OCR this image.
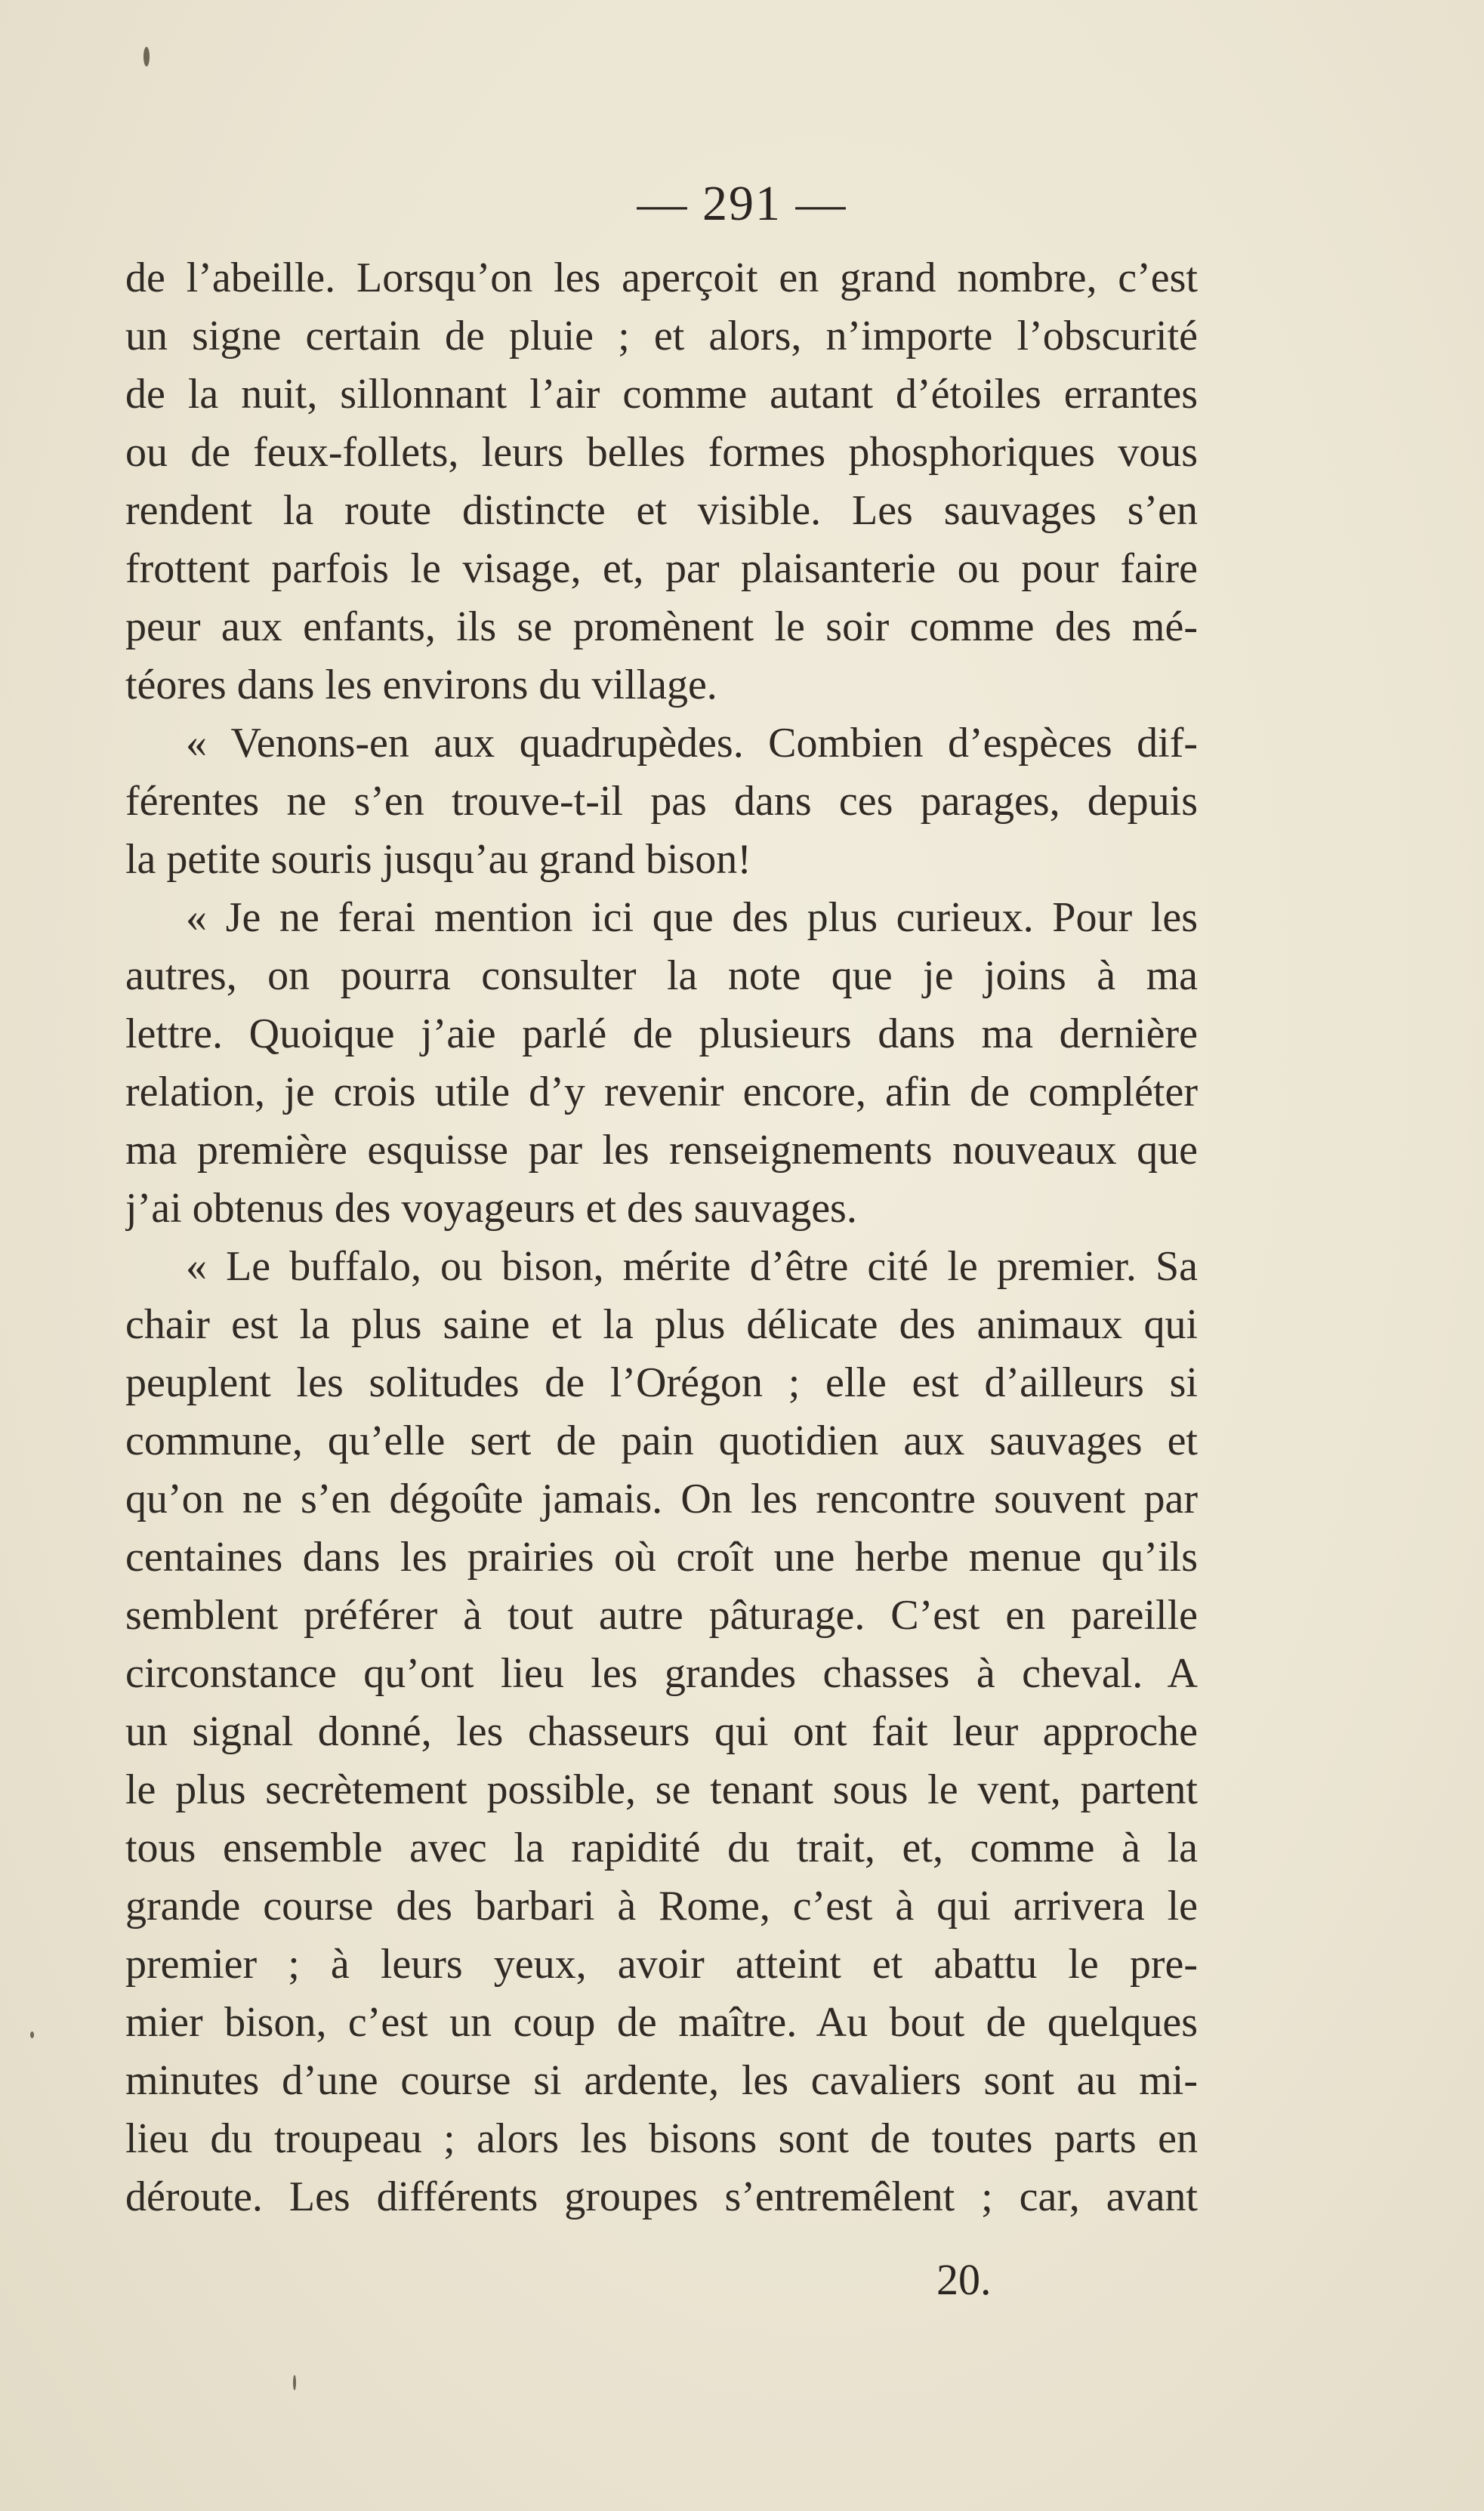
— 291 —
de l’abeille. Lorsqu’on les aperçoit en grand nombre, c’est
un signe certain de pluie ; et alors, n’importe l’obscurité
de la nuit, sillonnant l’air comme autant d’étoiles errantes
ou de feux-follets, leurs belles formes phosphoriques vous
rendent la route distincte et visible. Les sauvages s’en
frottent parfois le visage, et, par plaisanterie ou pour faire
peur aux enfants, ils se promènent le soir comme des mé-
téores dans les environs du village.
« Venons-en aux quadrupèdes. Combien d’espèces dif-
férentes ne s’en trouve-t-il pas dans ces parages, depuis
la petite souris jusqu’au grand bison!
« Je ne ferai mention ici que des plus curieux. Pour les
autres, on pourra consulter la note que je joins à ma
lettre. Quoique j’aie parlé de plusieurs dans ma dernière
relation, je crois utile d’y revenir encore, afin de compléter
ma première esquisse par les renseignements nouveaux que
j’ai obtenus des voyageurs et des sauvages.
« Le buffalo, ou bison, mérite d’être cité le premier. Sa
chair est la plus saine et la plus délicate des animaux qui
peuplent les solitudes de l’Orégon ; elle est d’ailleurs si
commune, qu’elle sert de pain quotidien aux sauvages et
qu’on ne s’en dégoûte jamais. On les rencontre souvent par
centaines dans les prairies où croît une herbe menue qu’ils
semblent préférer à tout autre pâturage. C’est en pareille
circonstance qu’ont lieu les grandes chasses à cheval. A
un signal donné, les chasseurs qui ont fait leur approche
le plus secrètement possible, se tenant sous le vent, partent
tous ensemble avec la rapidité du trait, et, comme à la
grande course des barbari à Rome, c’est à qui arrivera le
premier ; à leurs yeux, avoir atteint et abattu le pre-
mier bison, c’est un coup de maître. Au bout de quelques
minutes d’une course si ardente, les cavaliers sont au mi-
lieu du troupeau ; alors les bisons sont de toutes parts en
déroute. Les différents groupes s’entremêlent ; car, avant
20.
